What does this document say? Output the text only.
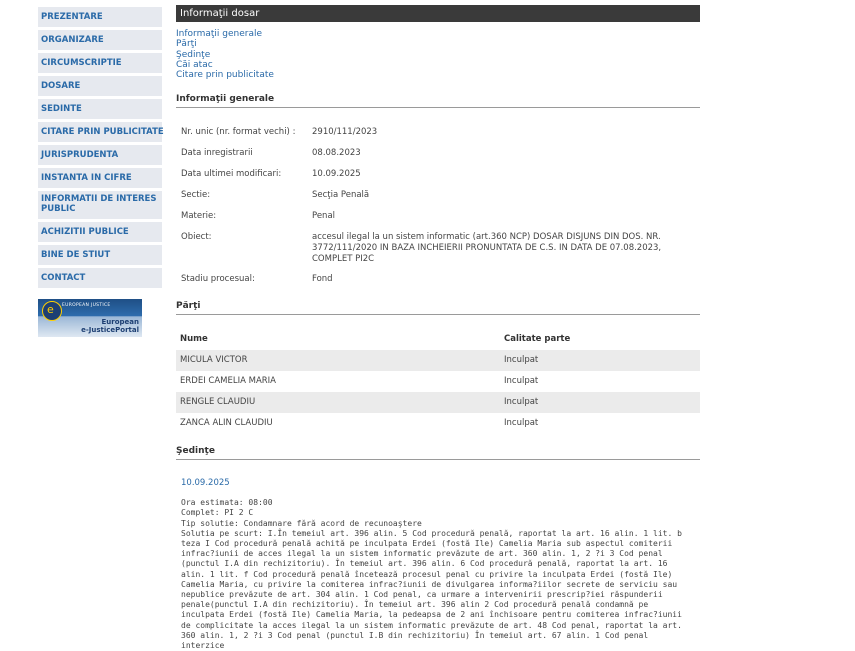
PREZENTARE
ORGANIZARE
CIRCUMSCRIPTIE
DOSARE
SEDINTE
CITARE PRIN PUBLICITATE
JURISPRUDENTA
INSTANTA IN CIFRE
INFORMATII DE INTERES PUBLIC
ACHIZITII PUBLICE
BINE DE STIUT
CONTACT
e EUROPEAN JUSTICE
European
e-JusticePortal
Informaţii dosar
Informaţii generale
Părţi
Şedinţe
Căi atac
Citare prin publicitate
Informaţii generale
Nr. unic (nr. format vechi) :	2910/111/2023
Data inregistrarii	08.08.2023
Data ultimei modificari:	10.09.2025
Sectie:	Secţia Penală
Materie:	Penal
Obiect:	accesul ilegal la un sistem informatic (art.360 NCP) DOSAR DISJUNS DIN DOS. NR. 3772/111/2020 IN BAZA INCHEIERII PRONUNTATA DE C.S. IN DATA DE 07.08.2023, COMPLET PI2C
Stadiu procesual:	Fond
Părţi
Nume	Calitate parte
MICULA VICTOR	Inculpat
ERDEI CAMELIA MARIA	Inculpat
RENGLE CLAUDIU	Inculpat
ZANCA ALIN CLAUDIU	Inculpat
Şedinţe
10.09.2025
Ora estimata: 08:00
Complet: PI 2 C
Tip solutie: Condamnare fără acord de recunoaştere
Solutia pe scurt: I.În temeiul art. 396 alin. 5 Cod procedură penală, raportat la art. 16 alin. 1 lit. b teza I Cod procedură penală achită pe inculpata Erdei (fostă Ile) Camelia Maria sub aspectul comiterii infrac?iunii de acces ilegal la un sistem informatic prevăzute de art. 360 alin. 1, 2 ?i 3 Cod penal (punctul I.A din rechizitoriu). În temeiul art. 396 alin. 6 Cod procedură penală, raportat la art. 16 alin. 1 lit. f Cod procedură penală încetează procesul penal cu privire la inculpata Erdei (fostă Ile) Camelia Maria, cu privire la comiterea infrac?iunii de divulgarea informa?iilor secrete de serviciu sau nepublice prevăzute de art. 304 alin. 1 Cod penal, ca urmare a intervenirii prescrip?iei răspunderii penale(punctul I.A din rechizitoriu). În temeiul art. 396 alin 2 Cod procedură penală condamnă pe inculpata Erdei (fostă Ile) Camelia Maria, la pedeapsa de 2 ani închisoare pentru comiterea infrac?iunii de complicitate la acces ilegal la un sistem informatic prevăzute de art. 48 Cod penal, raportat la art. 360 alin. 1, 2 ?i 3 Cod penal (punctul I.B din rechizitoriu) În temeiul art. 67 alin. 1 Cod penal interzice
